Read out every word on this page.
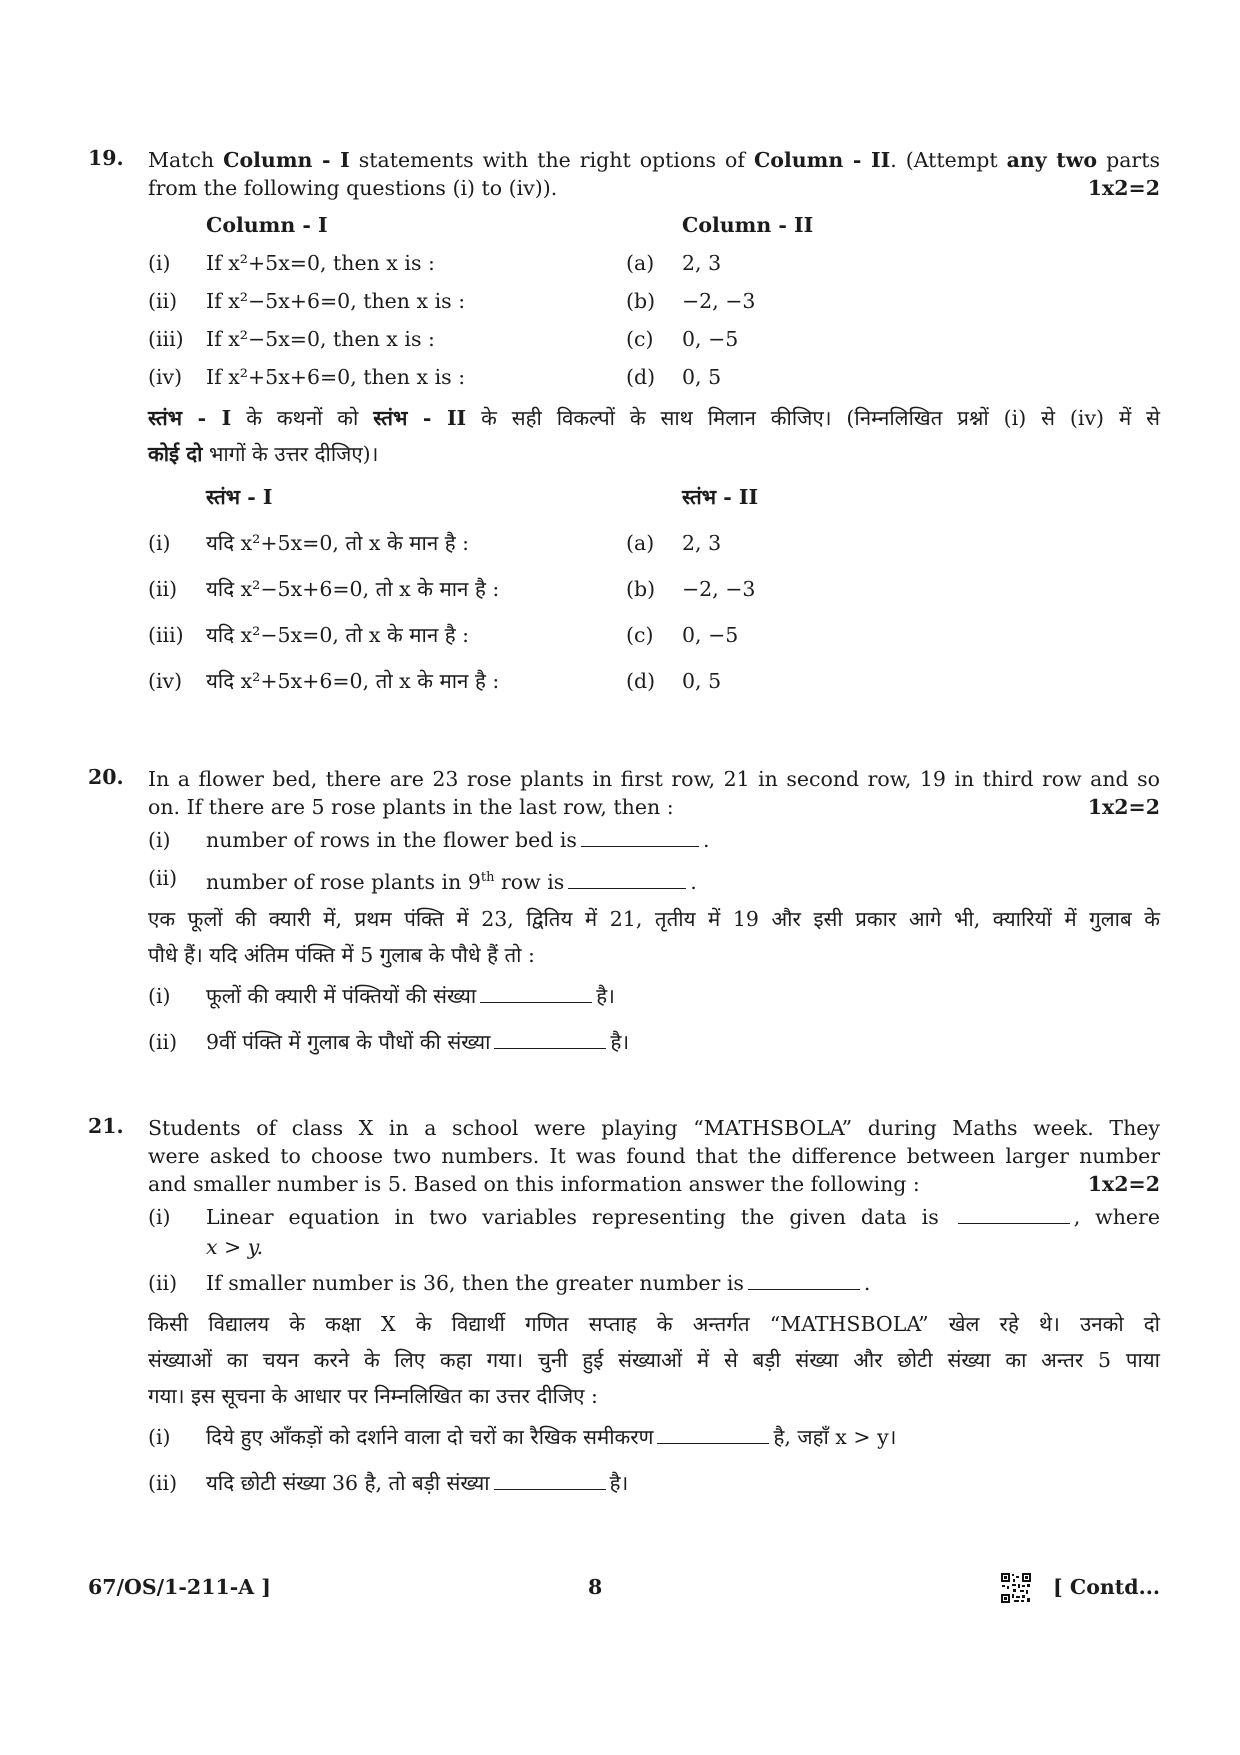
19. Match Column - I statements with the right options of Column - II. (Attempt any two parts
from the following questions (i) to (iv)).	1x2=2
Column - I	Column - II
(i) If x²+5x=0, then x is :	(a) 2, 3
(ii) If x²−5x+6=0, then x is :	(b) −2, −3
(iii) If x²−5x=0, then x is :	(c) 0, −5
(iv) If x²+5x+6=0, then x is :	(d) 0, 5
स्तंभ - I के कथनों को स्तंभ - II के सही विकल्पों के साथ मिलान कीजिए। (निम्नलिखित प्रश्नों (i) से (iv) में से
कोई दो भागों के उत्तर दीजिए)।
स्तंभ - I	स्तंभ - II
(i) यदि x²+5x=0, तो x के मान है :	(a) 2, 3
(ii) यदि x²−5x+6=0, तो x के मान है :	(b) −2, −3
(iii) यदि x²−5x=0, तो x के मान है :	(c) 0, −5
(iv) यदि x²+5x+6=0, तो x के मान है :	(d) 0, 5
20. In a flower bed, there are 23 rose plants in first row, 21 in second row, 19 in third row and so
on. If there are 5 rose plants in the last row, then :	1x2=2
(i) number of rows in the flower bed is	.
(ii) number of rose plants in 9th row is	.
एक फूलों की क्यारी में, प्रथम पंक्ति में 23, द्वितिय में 21, तृतीय में 19 और इसी प्रकार आगे भी, क्यारियों में गुलाब के
पौधे हैं। यदि अंतिम पंक्ति में 5 गुलाब के पौधे हैं तो :
(i) फूलों की क्यारी में पंक्तियों की संख्या	है।
(ii) 9वीं पंक्ति में गुलाब के पौधों की संख्या	है।
21. Students of class X in a school were playing “MATHSBOLA” during Maths week. They
were asked to choose two numbers. It was found that the difference between larger number
and smaller number is 5. Based on this information answer the following :	1x2=2
(i) Linear equation in two variables representing the given data is	, where
x > y.
(ii) If smaller number is 36, then the greater number is	.
किसी विद्यालय के कक्षा X के विद्यार्थी गणित सप्ताह के अन्तर्गत “MATHSBOLA” खेल रहे थे। उनको दो
संख्याओं का चयन करने के लिए कहा गया। चुनी हुई संख्याओं में से बड़ी संख्या और छोटी संख्या का अन्तर 5 पाया
गया। इस सूचना के आधार पर निम्नलिखित का उत्तर दीजिए :
(i) दिये हुए आँकड़ों को दर्शाने वाला दो चरों का रैखिक समीकरण	है, जहाँ x > y।
(ii) यदि छोटी संख्या 36 है, तो बड़ी संख्या	है।
67/OS/1-211-A ]	8	[ Contd...
